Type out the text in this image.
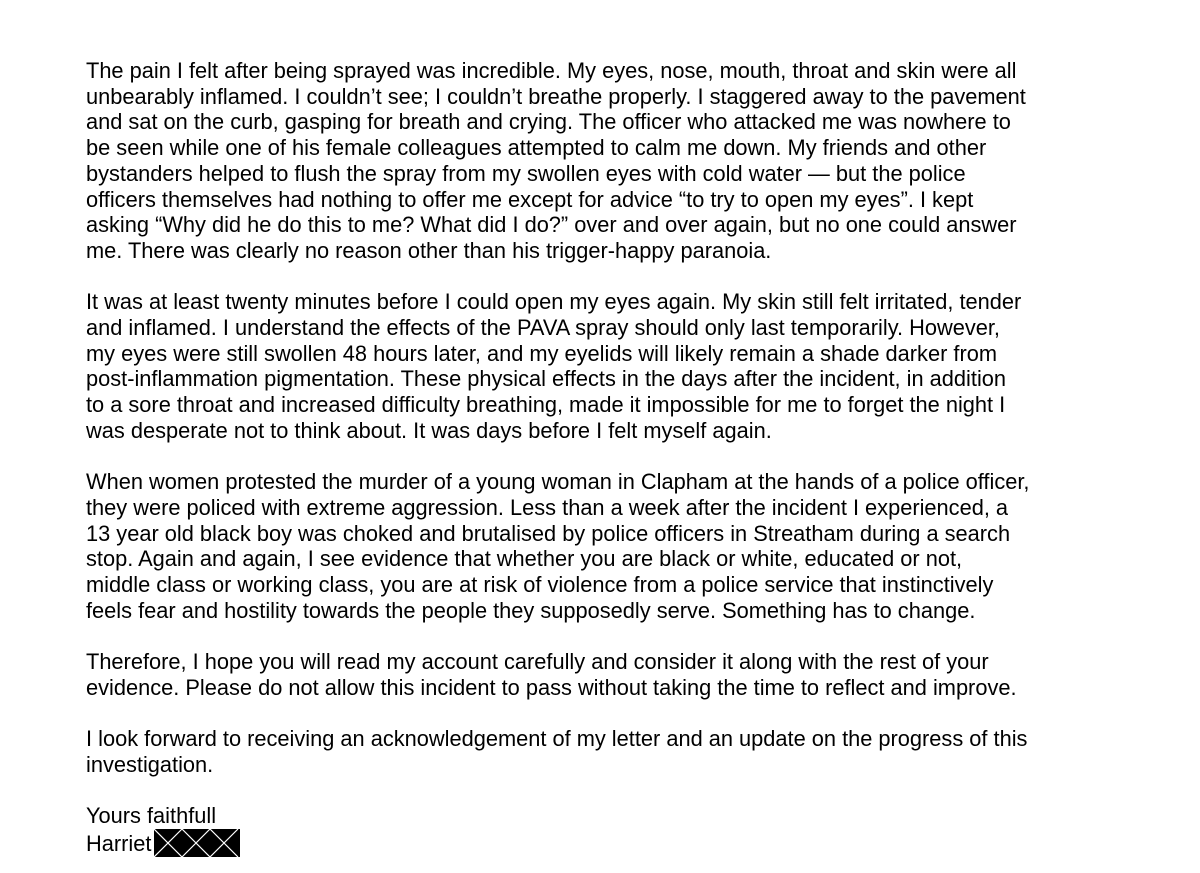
The pain I felt after being sprayed was incredible. My eyes, nose, mouth, throat and skin were all
unbearably inflamed. I couldn’t see; I couldn’t breathe properly. I staggered away to the pavement
and sat on the curb, gasping for breath and crying. The officer who attacked me was nowhere to
be seen while one of his female colleagues attempted to calm me down. My friends and other
bystanders helped to flush the spray from my swollen eyes with cold water — but the police
officers themselves had nothing to offer me except for advice “to try to open my eyes”. I kept
asking “Why did he do this to me? What did I do?” over and over again, but no one could answer
me. There was clearly no reason other than his trigger-happy paranoia.
It was at least twenty minutes before I could open my eyes again. My skin still felt irritated, tender
and inflamed. I understand the effects of the PAVA spray should only last temporarily. However,
my eyes were still swollen 48 hours later, and my eyelids will likely remain a shade darker from
post-inflammation pigmentation. These physical effects in the days after the incident, in addition
to a sore throat and increased difficulty breathing, made it impossible for me to forget the night I
was desperate not to think about. It was days before I felt myself again.
When women protested the murder of a young woman in Clapham at the hands of a police officer,
they were policed with extreme aggression. Less than a week after the incident I experienced, a
13 year old black boy was choked and brutalised by police officers in Streatham during a search
stop. Again and again, I see evidence that whether you are black or white, educated or not,
middle class or working class, you are at risk of violence from a police service that instinctively
feels fear and hostility towards the people they supposedly serve. Something has to change.
Therefore, I hope you will read my account carefully and consider it along with the rest of your
evidence. Please do not allow this incident to pass without taking the time to reflect and improve.
I look forward to receiving an acknowledgement of my letter and an update on the progress of this
investigation.
Yours faithfull
Harriet
